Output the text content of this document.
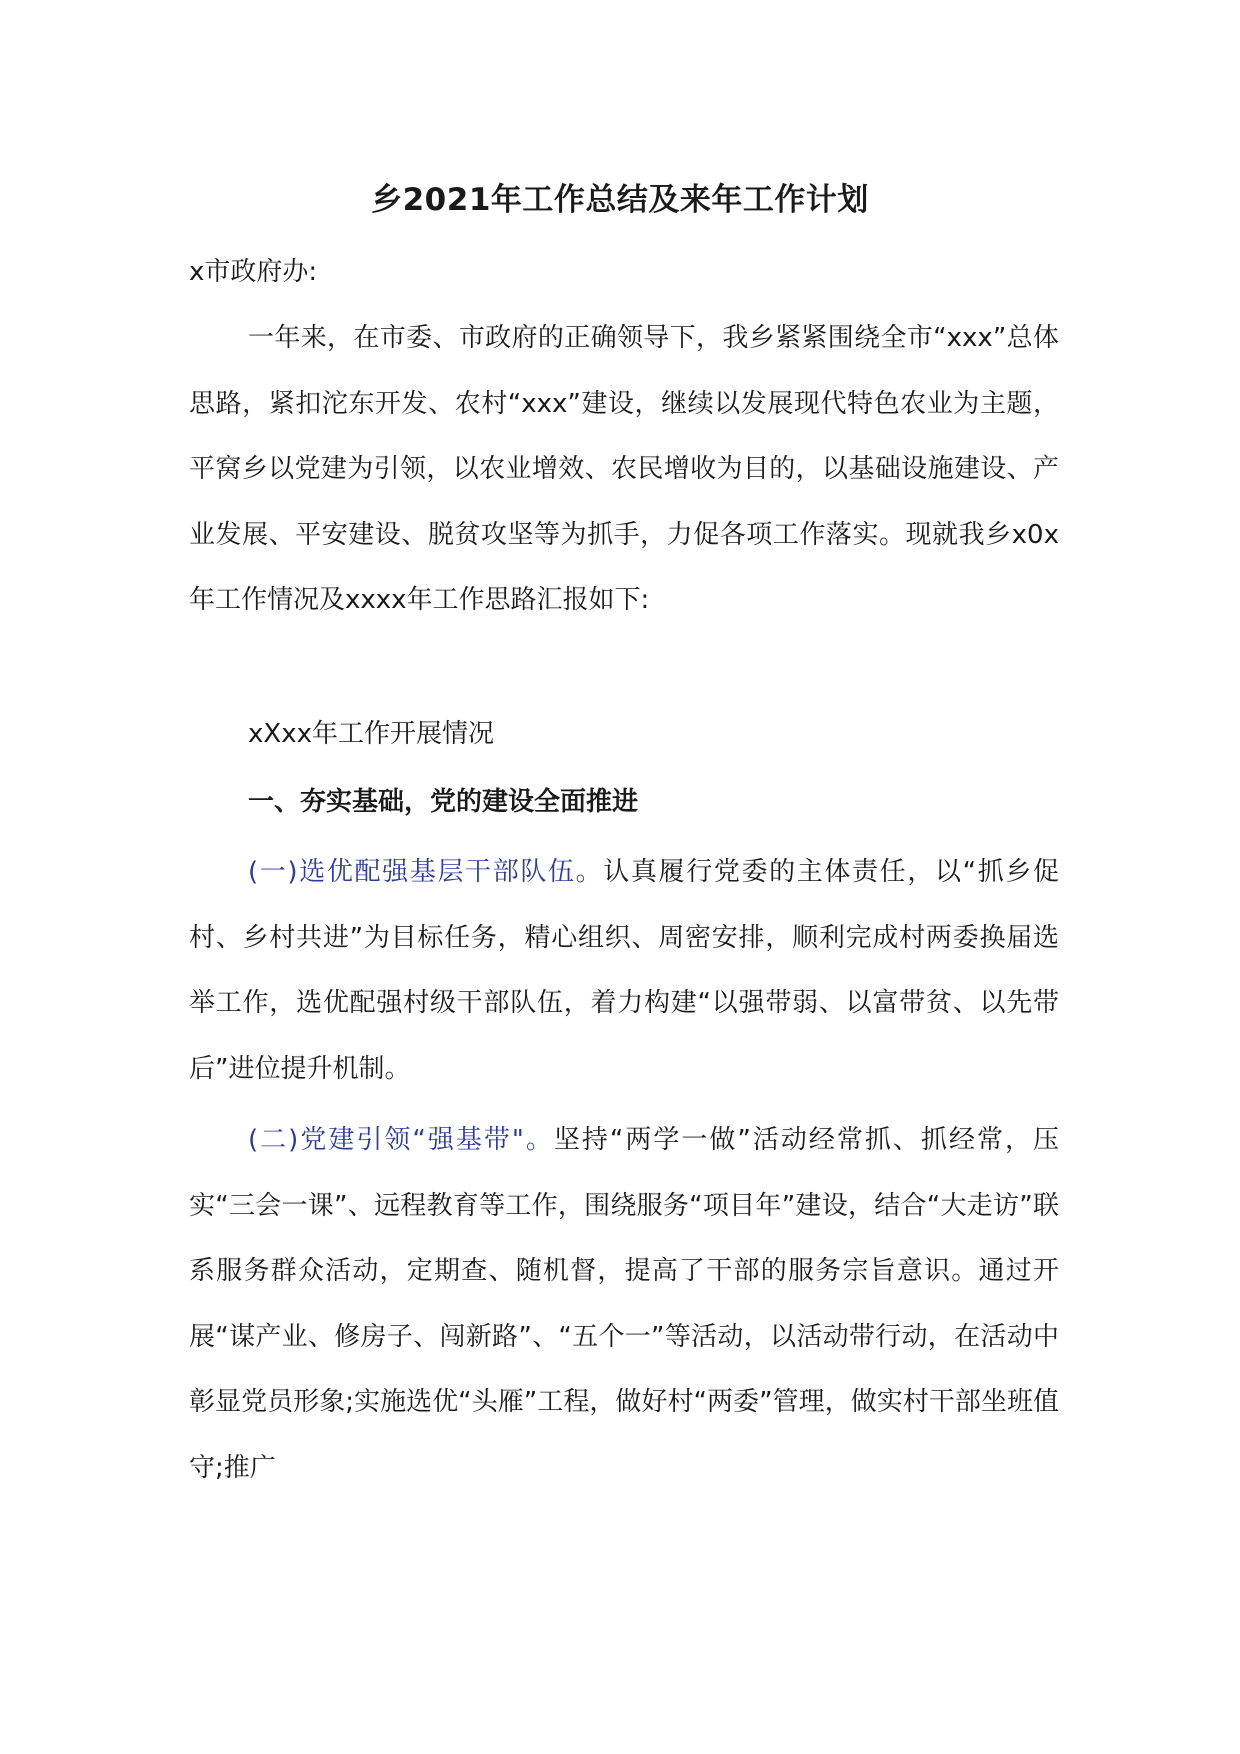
乡2021年工作总结及来年工作计划
x市政府办:

一年来，在市委、市政府的正确领导下，我乡紧紧围绕全市“xxx”总体思路，紧扣沱东开发、农村“xxx”建设，继续以发展现代特色农业为主题，平窝乡以党建为引领，以农业增效、农民增收为目的，以基础设施建设、产业发展、平安建设、脱贫攻坚等为抓手，力促各项工作落实。现就我乡x0x年工作情况及xxxx年工作思路汇报如下:

xXxx年工作开展情况

一、夯实基础，党的建设全面推进

(一)选优配强基层干部队伍。认真履行党委的主体责任，以“抓乡促村、乡村共进”为目标任务，精心组织、周密安排，顺利完成村两委换届选举工作，选优配强村级干部队伍，着力构建“以强带弱、以富带贫、以先带后”进位提升机制。

(二)党建引领“强基带"。坚持“两学一做”活动经常抓、抓经常，压实“三会一课”、远程教育等工作，围绕服务“项目年”建设，结合“大走访”联系服务群众活动，定期查、随机督，提高了干部的服务宗旨意识。通过开展“谋产业、修房子、闯新路”、“五个一”等活动，以活动带行动，在活动中彰显党员形象;实施选优“头雁”工程，做好村“两委”管理，做实村干部坐班值守;推广
